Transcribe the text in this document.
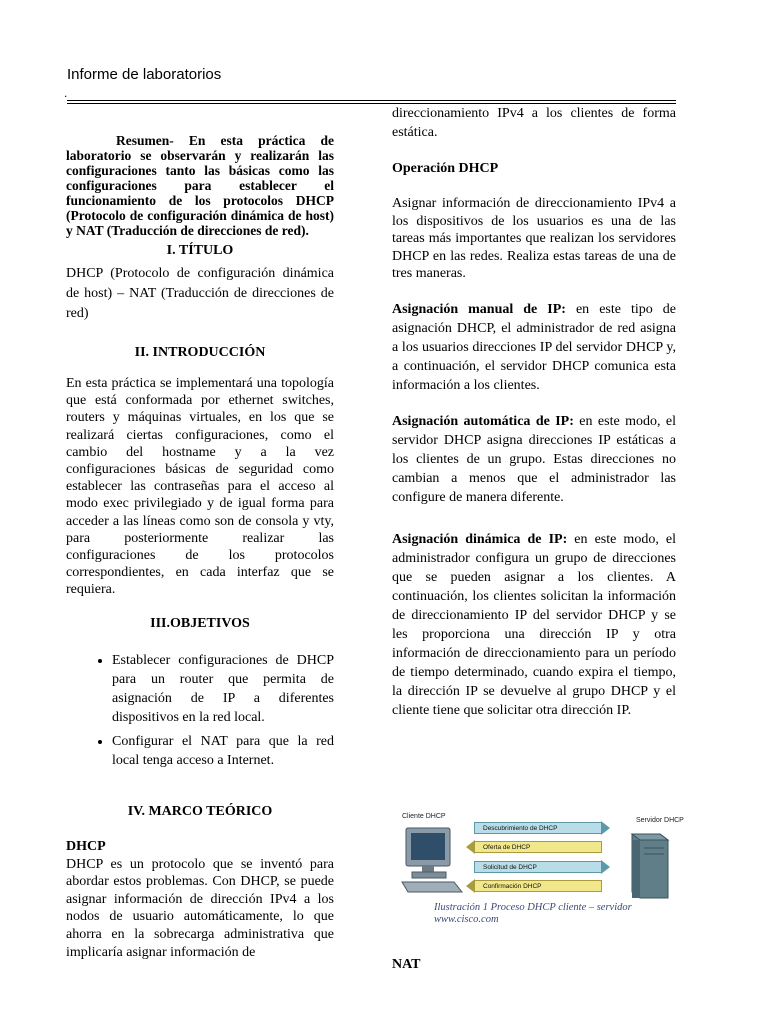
Informe de laboratorios
.

Resumen- En esta práctica de laboratorio se observarán y realizarán las configuraciones tanto las básicas como las configuraciones para establecer el funcionamiento de los protocolos DHCP (Protocolo de configuración dinámica de host) y NAT (Traducción de direcciones de red).

I. TÍTULO

DHCP (Protocolo de configuración dinámica de host) – NAT (Traducción de direcciones de red)

II. INTRODUCCIÓN

En esta práctica se implementará una topología que está conformada por ethernet switches, routers y máquinas virtuales, en los que se realizará ciertas configuraciones, como el cambio del hostname y a la vez configuraciones básicas de seguridad como establecer las contraseñas para el acceso al modo exec privilegiado y de igual forma para acceder a las líneas como son de consola y vty, para posteriormente realizar las configuraciones de los protocolos correspondientes, en cada interfaz que se requiera.

III.OBJETIVOS

• Establecer configuraciones de DHCP para un router que permita de asignación de IP a diferentes dispositivos en la red local.
• Configurar el NAT para que la red local tenga acceso a Internet.

IV. MARCO TEÓRICO

DHCP

DHCP es un protocolo que se inventó para abordar estos problemas. Con DHCP, se puede asignar información de dirección IPv4 a los nodos de usuario automáticamente, lo que ahorra en la sobrecarga administrativa que implicaría asignar información de

direccionamiento IPv4 a los clientes de forma estática.

Operación DHCP

Asignar información de direccionamiento IPv4 a los dispositivos de los usuarios es una de las tareas más importantes que realizan los servidores DHCP en las redes. Realiza estas tareas de una de tres maneras.

Asignación manual de IP: en este tipo de asignación DHCP, el administrador de red asigna a los usuarios direcciones IP del servidor DHCP y, a continuación, el servidor DHCP comunica esta información a los clientes.

Asignación automática de IP: en este modo, el servidor DHCP asigna direcciones IP estáticas a los clientes de un grupo. Estas direcciones no cambian a menos que el administrador las configure de manera diferente.

Asignación dinámica de IP: en este modo, el administrador configura un grupo de direcciones que se pueden asignar a los clientes. A continuación, los clientes solicitan la información de direccionamiento IP del servidor DHCP y se les proporciona una dirección IP y otra información de direccionamiento para un período de tiempo determinado, cuando expira el tiempo, la dirección IP se devuelve al grupo DHCP y el cliente tiene que solicitar otra dirección IP.

Cliente DHCP
Servidor DHCP
Descubrimiento de DHCP
Oferta de DHCP
Solicitud de DHCP
Confirmación DHCP
Ilustración 1 Proceso DHCP cliente – servidor www.cisco.com
NAT
